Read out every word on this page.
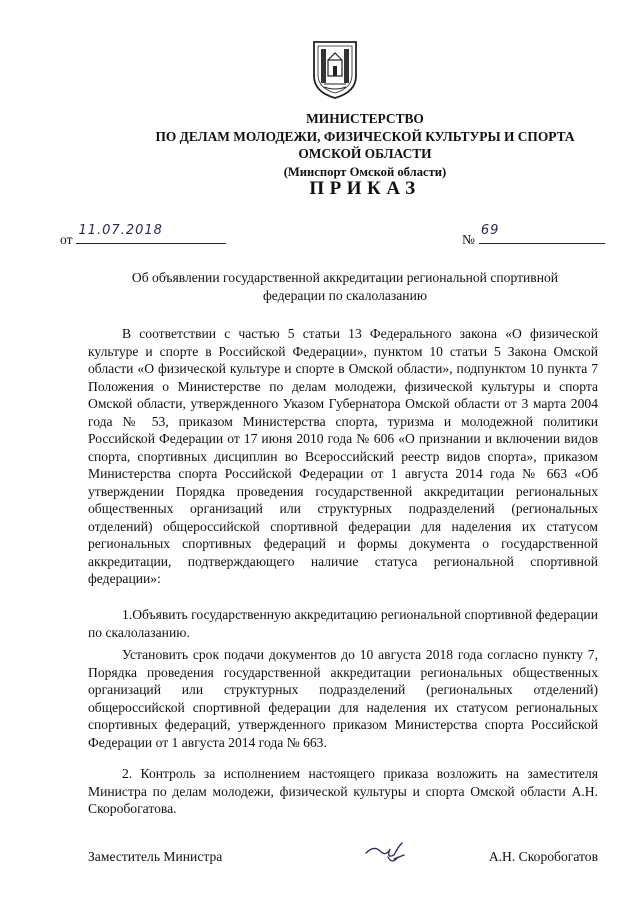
МИНИСТЕРСТВО
ПО ДЕЛАМ МОЛОДЕЖИ, ФИЗИЧЕСКОЙ КУЛЬТУРЫ И СПОРТА
ОМСКОЙ ОБЛАСТИ
(Минспорт Омской области)
ПРИКАЗ
от
11.07.2018
№
69
Об объявлении государственной аккредитации региональной спортивной
федерации по скалолазанию

В соответствии с частью 5 статьи 13 Федерального закона «О физической культуре и спорте в Российской Федерации», пунктом 10 статьи 5 Закона Омской области «О физической культуре и спорте в Омской области», подпунктом 10 пункта 7 Положения о Министерстве по делам молодежи, физической культуры и спорта Омской области, утвержденного Указом Губернатора Омской области от 3 марта 2004 года № 53, приказом Министерства спорта, туризма и молодежной политики Российской Федерации от 17 июня 2010 года № 606 «О признании и включении видов спорта, спортивных дисциплин во Всероссийский реестр видов спорта», приказом Министерства спорта Российской Федерации от 1 августа 2014 года № 663 «Об утверждении Порядка проведения государственной аккредитации региональных общественных организаций или структурных подразделений (региональных отделений) общероссийской спортивной федерации для наделения их статусом региональных спортивных федераций и формы документа о государственной аккредитации, подтверждающего наличие статуса региональной спортивной федерации»:

1.Объявить государственную аккредитацию региональной спортивной федерации по скалолазанию.

Установить срок подачи документов до 10 августа 2018 года согласно пункту 7, Порядка проведения государственной аккредитации региональных общественных организаций или структурных подразделений (региональных отделений) общероссийской спортивной федерации для наделения их статусом региональных спортивных федераций, утвержденного приказом Министерства спорта Российской Федерации от 1 августа 2014 года № 663.

2. Контроль за исполнением настоящего приказа возложить на заместителя Министра по делам молодежи, физической культуры и спорта Омской области А.Н. Скоробогатова.

Заместитель Министра	А.Н. Скоробогатов
